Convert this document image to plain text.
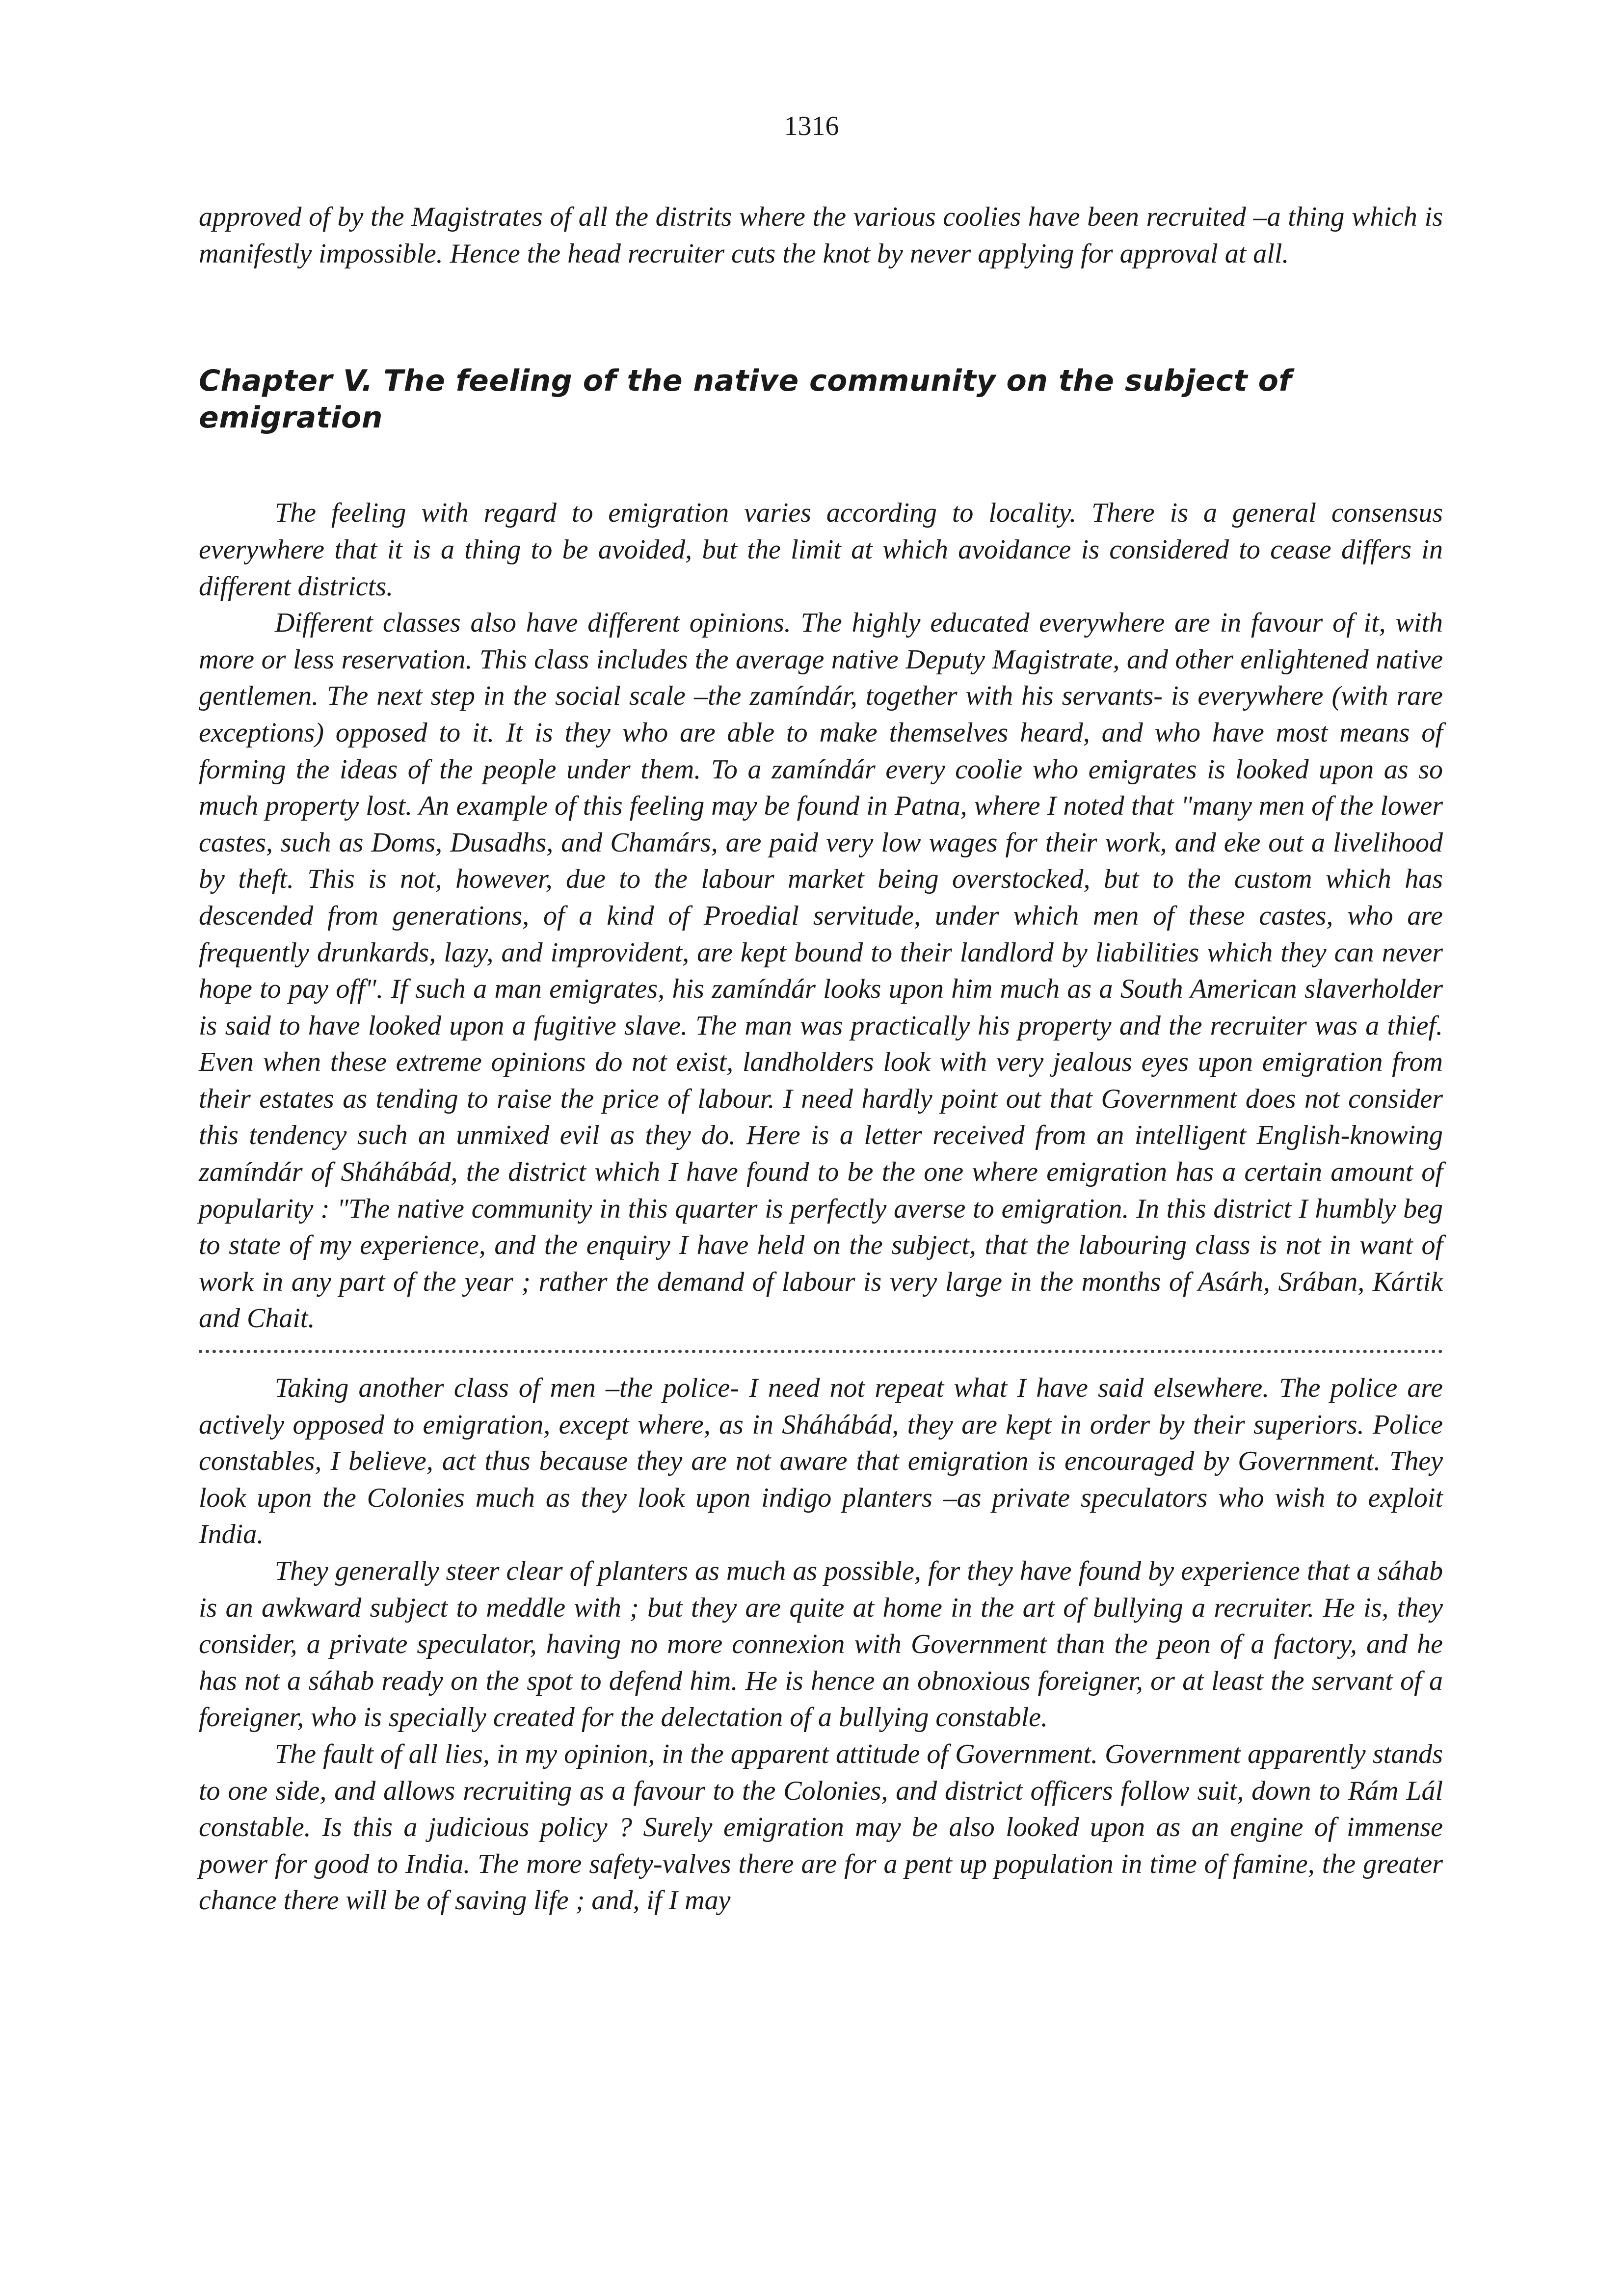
1316

approved of by the Magistrates of all the distrits where the various coolies have been recruited –a thing which is manifestly impossible. Hence the head recruiter cuts the knot by never applying for approval at all.

Chapter V. The feeling of the native community on the subject of emigration

The feeling with regard to emigration varies according to locality. There is a general consensus everywhere that it is a thing to be avoided, but the limit at which avoidance is considered to cease differs in different districts.

Different classes also have different opinions. The highly educated everywhere are in favour of it, with more or less reservation. This class includes the average native Deputy Magistrate, and other enlightened native gentlemen. The next step in the social scale –the zamíndár, together with his servants- is everywhere (with rare exceptions) opposed to it. It is they who are able to make themselves heard, and who have most means of forming the ideas of the people under them. To a zamíndár every coolie who emigrates is looked upon as so much property lost. An example of this feeling may be found in Patna, where I noted that "many men of the lower castes, such as Doms, Dusadhs, and Chamárs, are paid very low wages for their work, and eke out a livelihood by theft. This is not, however, due to the labour market being overstocked, but to the custom which has descended from generations, of a kind of Proedial servitude, under which men of these castes, who are frequently drunkards, lazy, and improvident, are kept bound to their landlord by liabilities which they can never hope to pay off". If such a man emigrates, his zamíndár looks upon him much as a South American slaverholder is said to have looked upon a fugitive slave. The man was practically his property and the recruiter was a thief. Even when these extreme opinions do not exist, landholders look with very jealous eyes upon emigration from their estates as tending to raise the price of labour. I need hardly point out that Government does not consider this tendency such an unmixed evil as they do. Here is a letter received from an intelligent English-knowing zamíndár of Sháhábád, the district which I have found to be the one where emigration has a certain amount of popularity : "The native community in this quarter is perfectly averse to emigration. In this district I humbly beg to state of my experience, and the enquiry I have held on the subject, that the labouring class is not in want of work in any part of the year ; rather the demand of labour is very large in the months of Asárh, Srában, Kártik and Chait.

Taking another class of men –the police- I need not repeat what I have said elsewhere. The police are actively opposed to emigration, except where, as in Sháhábád, they are kept in order by their superiors. Police constables, I believe, act thus because they are not aware that emigration is encouraged by Government. They look upon the Colonies much as they look upon indigo planters –as private speculators who wish to exploit India.

They generally steer clear of planters as much as possible, for they have found by experience that a sáhab is an awkward subject to meddle with ; but they are quite at home in the art of bullying a recruiter. He is, they consider, a private speculator, having no more connexion with Government than the peon of a factory, and he has not a sáhab ready on the spot to defend him. He is hence an obnoxious foreigner, or at least the servant of a foreigner, who is specially created for the delectation of a bullying constable.

The fault of all lies, in my opinion, in the apparent attitude of Government. Government apparently stands to one side, and allows recruiting as a favour to the Colonies, and district officers follow suit, down to Rám Lál constable. Is this a judicious policy ? Surely emigration may be also looked upon as an engine of immense power for good to India. The more safety-valves there are for a pent up population in time of famine, the greater chance there will be of saving life ; and, if I may
